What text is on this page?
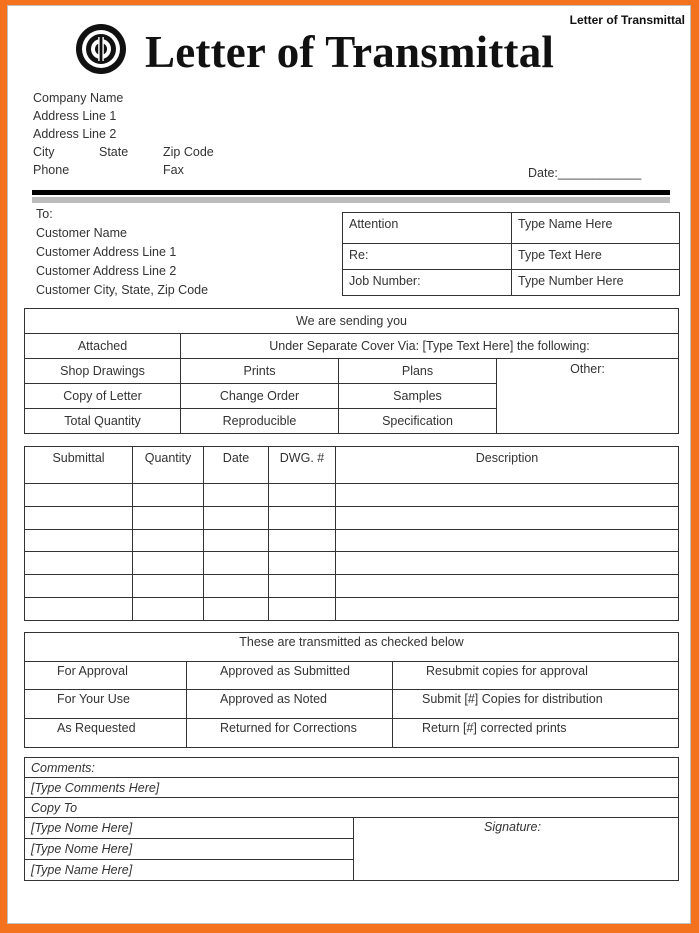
Letter of Transmittal
Letter of Transmittal
Company Name
Address Line 1
Address Line 2
City	State	Zip Code
Phone	Fax	Date:____________
To:
Customer Name
Customer Address Line 1
Customer Address Line 2
Customer City, State, Zip Code
Attention	Type Name Here
Re:	Type Text Here
Job Number:	Type Number Here
We are sending you			
Attached	Under Separate Cover Via: [Type Text Here] the following:		
Shop Drawings	Prints	Plans	Other:
Copy of Letter	Change Order	Samples	
Total Quantity	Reproducible	Specification	
Submittal	Quantity	Date	DWG. #	Description

These are transmitted as checked below		
For Approval	Approved as Submitted	Resubmit copies for approval
For Your Use	Approved as Noted	Submit [#] Copies for distribution
As Requested	Returned for Corrections	Return [#] corrected prints
Comments:
[Type Comments Here]
Copy To
[Type Nome Here]	Signature:
[Type Nome Here]
[Type Name Here]
